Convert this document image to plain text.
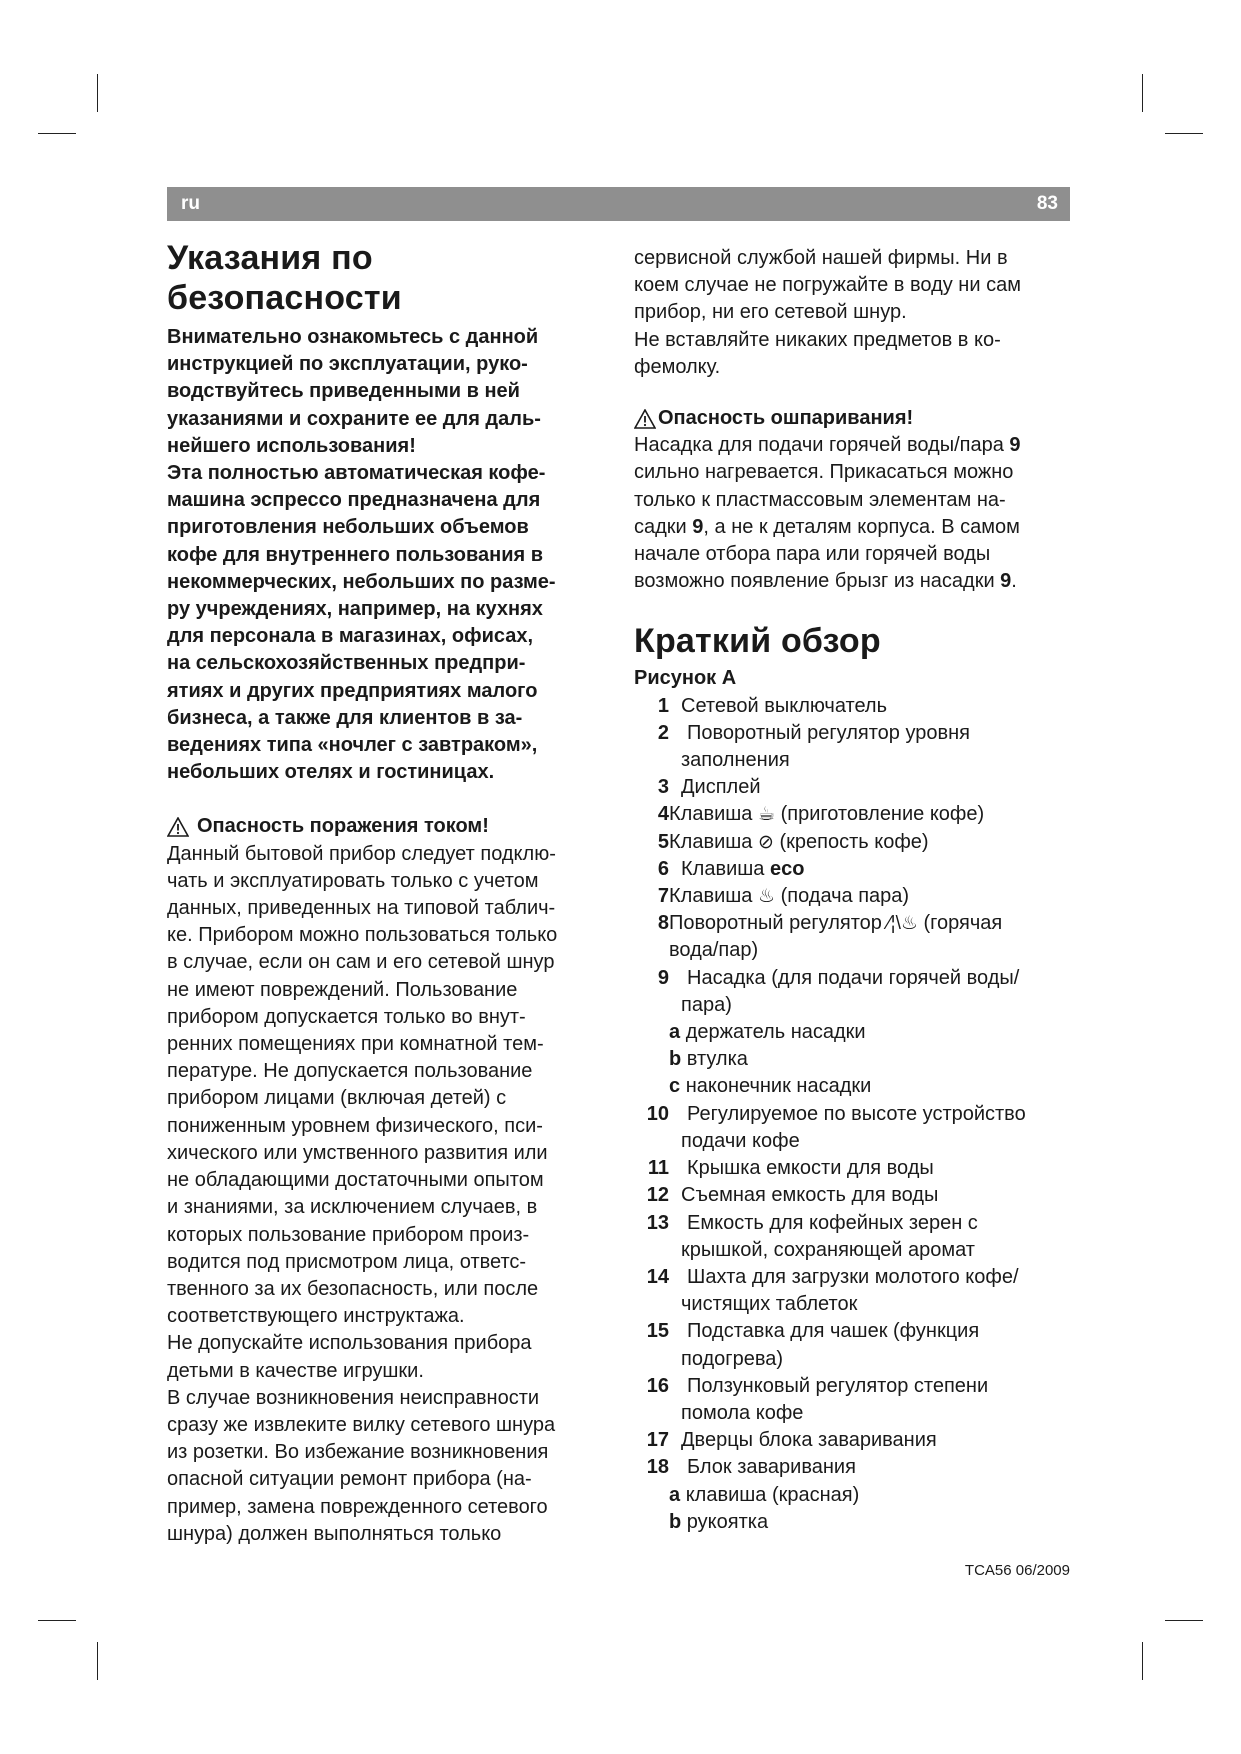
ru	83
Указания по
безопасности
Внимательно ознакомьтесь с данной
инструкцией по эксплуатации, руко-
водствуйтесь приведенными в ней
указаниями и сохраните ее для даль-
нейшего использования!
Эта полностью автоматическая кофе-
машина эспрессо предназначена для
приготовления небольших объемов
кофе для внутреннего пользования в
некоммерческих, небольших по разме-
ру учреждениях, например, на кухнях
для персонала в магазинах, офисах,
на сельскохозяйственных предпри-
ятиях и других предприятиях малого
бизнеса, а также для клиентов в за-
ведениях типа «ночлег с завтраком»,
небольших отелях и гостиницах.
Опасность поражения током!

Данный бытовой прибор следует подклю-
чать и эксплуатировать только с учетом
данных, приведенных на типовой таблич-
ке. Прибором можно пользоваться только
в случае, если он сам и его сетевой шнур
не имеют повреждений. Пользование
прибором допускается только во внут-
ренних помещениях при комнатной тем-
пературе. Не допускается пользование
прибором лицами (включая детей) с
пониженным уровнем физического, пси-
хического или умственного развития или
не обладающими достаточными опытом
и знаниями, за исключением случаев, в
которых пользование прибором произ-
водится под присмотром лица, ответс-
твенного за их безопасность, или после
соответствующего инструктажа.
Не допускайте использования прибора
детьми в качестве игрушки.
В случае возникновения неисправности
сразу же извлеките вилку сетевого шнура
из розетки. Во избежание возникновения
опасной ситуации ремонт прибора (на-
пример, замена поврежденного сетевого
шнура) должен выполняться только

сервисной службой нашей фирмы. Ни в
коем случае не погружайте в воду ни сам
прибор, ни его сетевой шнур.
Не вставляйте никаких предметов в ко-
фемолку.

Опасность ошпаривания!

Насадка для подачи горячей воды/пара 9
сильно нагревается. Прикасаться можно
только к пластмассовым элементам на-
садки 9, а не к деталям корпуса. В самом
начале отбора пара или горячей воды
возможно появление брызг из насадки 9.

Краткий обзор
Рисунок А
1 Сетевой выключатель
2 Поворотный регулятор уровня
заполнения
3 Дисплей
4 Клавиша ☕ (приготовление кофе)
5 Клавиша ⊘ (крепость кофе)
6 Клавиша eco
7 Клавиша ♨ (подача пара)
8 Поворотный регулятор ⁄¦\♨ (горячая
вода/пар)
9 Насадка (для подачи горячей воды/
пара)
a держатель насадки
b втулка
c наконечник насадки
10 Регулируемое по высоте устройство
подачи кофе
11 Крышка емкости для воды
12 Съемная емкость для воды
13 Емкость для кофейных зерен с
крышкой, сохраняющей аромат
14 Шахта для загрузки молотого кофе/
чистящих таблеток
15 Подставка для чашек (функция
подогрева)
16 Ползунковый регулятор степени
помола кофе
17 Дверцы блока заваривания
18 Блок заваривания
a клавиша (красная)
b рукоятка
TCA56 06/2009
